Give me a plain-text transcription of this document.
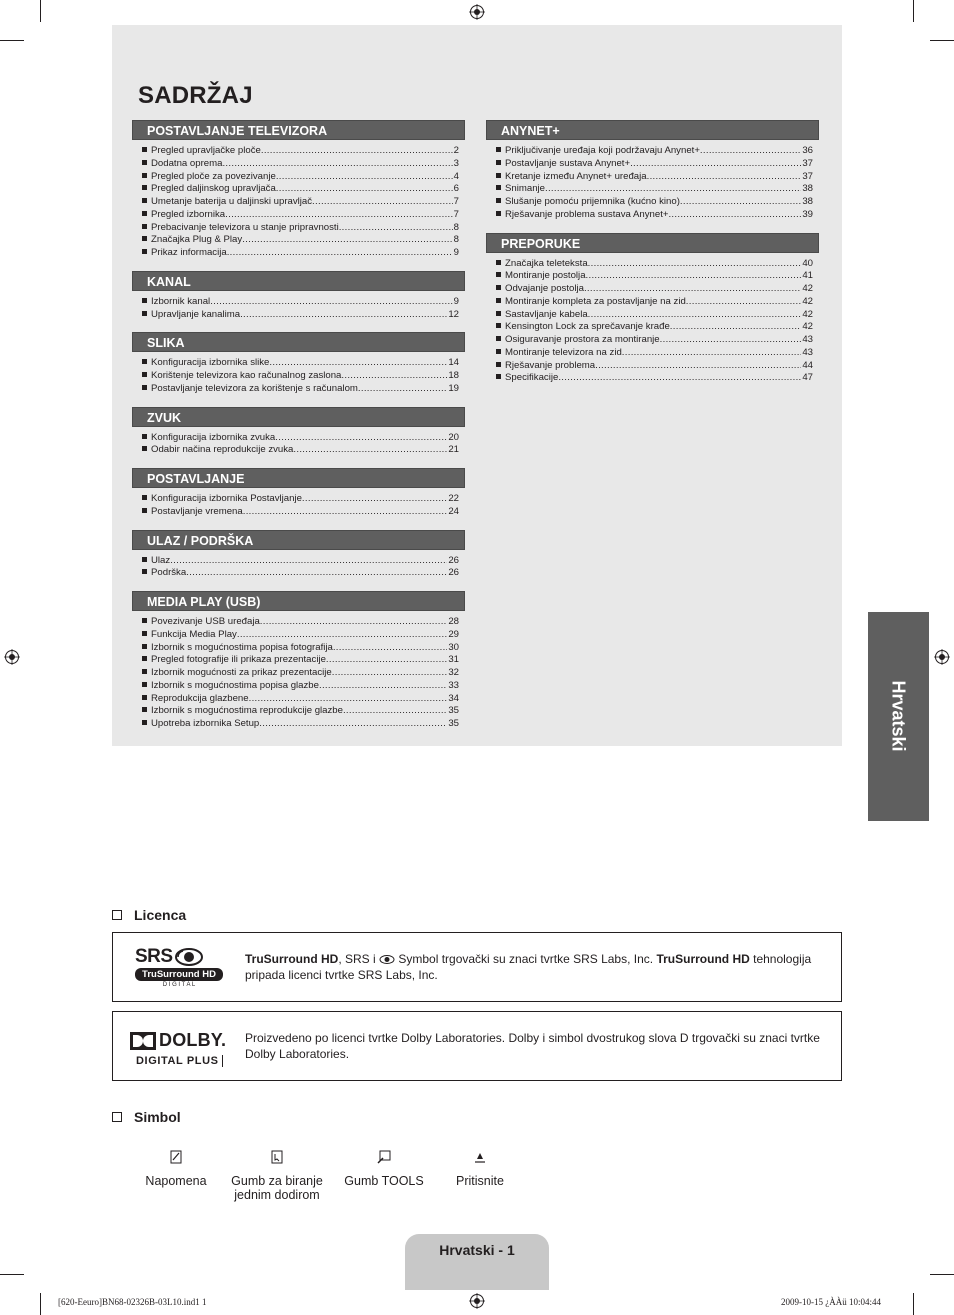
SADRŽAJ
POSTAVLJANJE TELEVIZORA
Pregled upravljačke ploče .....	2
Dodatna oprema .....	3
Pregled ploče za povezivanje .....	4
Pregled daljinskog upravljača .....	6
Umetanje baterija u daljinski upravljač .....	7
Pregled izbornika .....	7
Prebacivanje televizora u stanje pripravnosti .....	8
Značajka Plug & Play .....	8
Prikaz informacija .....	9
KANAL
Izbornik kanal .....	9
Upravljanje kanalima .....	12
SLIKA
Konfiguracija izbornika slike .....	14
Korištenje televizora kao računalnog zaslona .....	18
Postavljanje televizora za korištenje s računalom .....	19
ZVUK
Konfiguracija izbornika zvuka .....	20
Odabir načina reprodukcije zvuka .....	21
POSTAVLJANJE
Konfiguracija izbornika Postavljanje .....	22
Postavljanje vremena .....	24
ULAZ / PODRŠKA
Ulaz .....	26
Podrška .....	26
MEDIA PLAY (USB)
Povezivanje USB uređaja .....	28
Funkcija Media Play .....	29
Izbornik s mogućnostima popisa fotografija .....	30
Pregled fotografije ili prikaza prezentacije .....	31
Izbornik mogućnosti za prikaz prezentacije .....	32
Izbornik s mogućnostima popisa glazbe .....	33
Reprodukcija glazbene .....	34
Izbornik s mogućnostima reprodukcije glazbe .....	35
Upotreba izbornika Setup .....	35
ANYNET+
Priključivanje uređaja koji podržavaju Anynet+ .....	36
Postavljanje sustava Anynet+ .....	37
Kretanje između Anynet+ uređaja .....	37
Snimanje .....	38
Slušanje pomoću prijemnika (kućno kino) .....	38
Rješavanje problema sustava Anynet+ .....	39
PREPORUKE
Značajka teleteksta .....	40
Montiranje postolja .....	41
Odvajanje postolja .....	42
Montiranje kompleta za postavljanje na zid .....	42
Sastavljanje kabela .....	42
Kensington Lock za sprečavanje krađe .....	42
Osiguravanje prostora za montiranje .....	43
Montiranje televizora na zid .....	43
Rješavanje problema .....	44
Specifikacije .....	47
Hrvatski
Licenca
SRS
TruSurround HD
D I G I T A L
TruSurround HD, SRS i  Symbol trgovački su znaci tvrtke SRS Labs, Inc. TruSurround HD tehnologija pripada licenci tvrtke SRS Labs, Inc.
DOLBY.
DIGITAL PLUS
Proizvedeno po licenci tvrtke Dolby Laboratories. Dolby i simbol dvostrukog slova D trgovački su znaci tvrtke Dolby Laboratories.
Simbol
Napomena	Gumb za biranje jednim dodirom
Gumb TOOLS	Pritisnite
Hrvatski - 1
[620-Eeuro]BN68-02326B-03L10.ind1 1	2009-10-15 ¿ÀÀü 10:04:44
